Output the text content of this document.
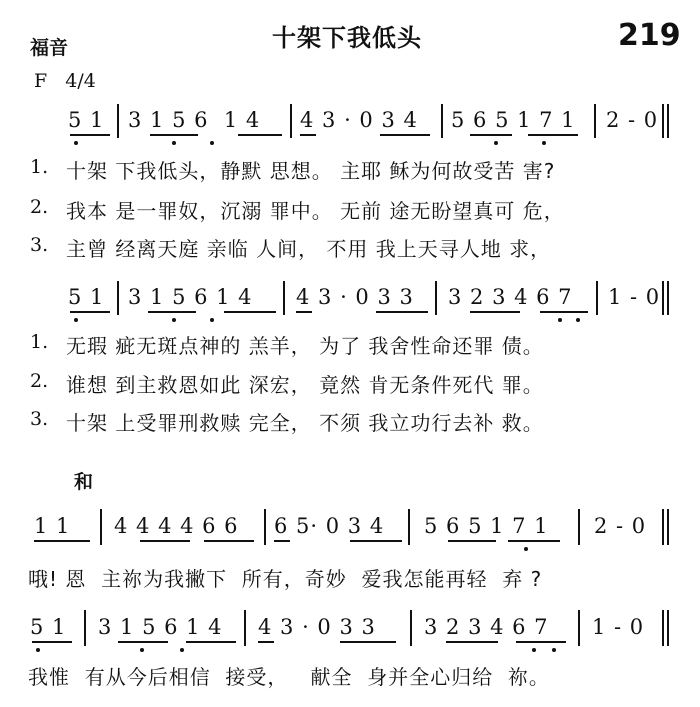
福音	十架下我低头	219
F   4/4
5 1 3 1 5 6  1 4 4 3 · 0 3 4 5 6 5 1 7 1 2 - 0
1. 十架 下我低头，静默 思想。 主耶 稣为何故受苦 害?
2. 我本 是一罪奴，沉溺 罪中。 无前 途无盼望真可 危，
3. 主曾 经离天庭 亲临 人间， 不用 我上天寻人地 求，
5 1 3 1 5 6 1 4 4 3 · 0 3 3 3 2 3 4 6 7 1 - 0
1. 无瑕 疵无斑点神的 羔羊， 为了 我舍性命还罪 债。
2. 谁想 到主救恩如此 深宏， 竟然 肯无条件死代 罪。
3. 十架 上受罪刑救赎 完全， 不须 我立功行去补 救。
和
1 1 4 4 4 4 6 6 6 5· 0 3 4 5 6 5 1 7 1 2 - 0
哦! 恩  主祢为我撇下  所有，奇妙  爱我怎能再轻  弃 ?
5 1 3 1 5 6 1 4 4 3 · 0 3 3 3 2 3 4 6 7 1 - 0
我惟  有从今后相信  接受，   献全  身并全心归给  祢。
